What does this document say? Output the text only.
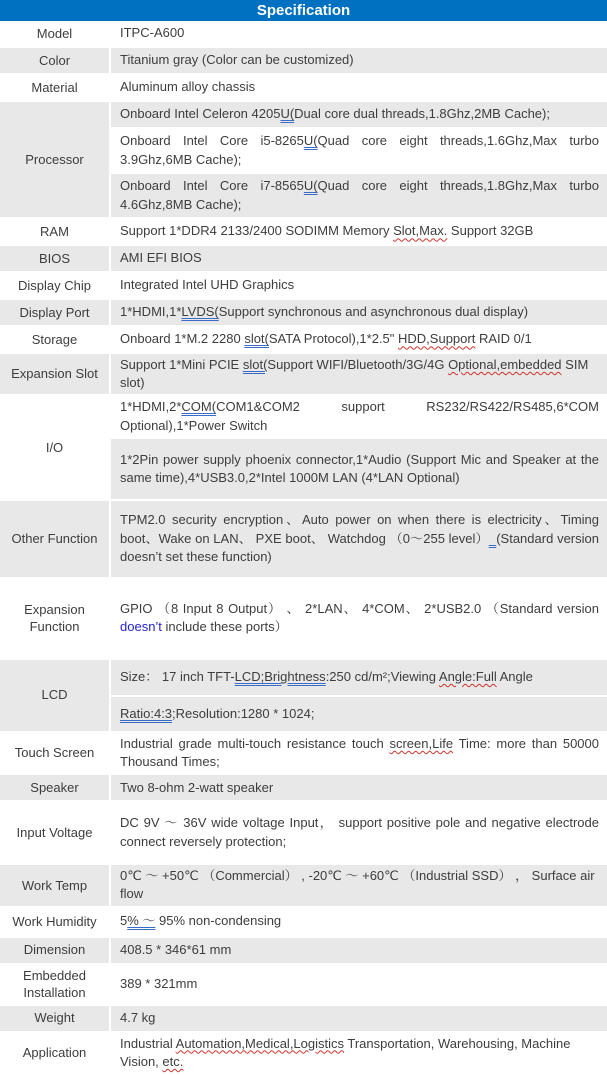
Specification
Model	ITPC-A600
Color	Titanium gray (Color can be customized)
Material	Aluminum alloy chassis
Processor	Onboard Intel Celeron 4205U(Dual core dual threads,1.8Ghz,2MB Cache);
	Onboard Intel Core i5-8265U(Quad core eight threads,1.6Ghz,Max turbo 3.9Ghz,6MB Cache);
	Onboard Intel Core i7-8565U(Quad core eight threads,1.8Ghz,Max turbo 4.6Ghz,8MB Cache);
RAM	Support 1*DDR4 2133/2400 SODIMM Memory Slot,Max. Support 32GB
BIOS	AMI EFI BIOS
Display Chip	Integrated Intel UHD Graphics
Display Port	1*HDMI,1*LVDS(Support synchronous and asynchronous dual display)
Storage	Onboard 1*M.2 2280 slot(SATA Protocol),1*2.5" HDD,Support RAID 0/1
Expansion Slot	Support 1*Mini PCIE slot(Support WIFI/Bluetooth/3G/4G Optional,embedded SIM slot)
I/O	1*HDMI,2*COM(COM1&COM2 support RS232/RS422/RS485,6*COM Optional),1*Power Switch
	1*2Pin power supply phoenix connector,1*Audio (Support Mic and Speaker at the same time),4*USB3.0,2*Intel 1000M LAN (4*LAN Optional)
Other Function	TPM2.0 security encryption、Auto power on when there is electricity、Timing boot、Wake on LAN、 PXE boot、 Watchdog （0～255 level） (Standard version doesn’t set these function)
Expansion Function	GPIO （8 Input 8 Output） 、 2*LAN、 4*COM、 2*USB2.0 （Standard version doesn’t include these ports）
LCD	Size： 17 inch TFT-LCD;Brightness:250 cd/m²;Viewing Angle:Full Angle
	Ratio:4:3;Resolution:1280 * 1024;
Touch Screen	Industrial grade multi-touch resistance touch screen,Life Time: more than 50000 Thousand Times;
Speaker	Two 8-ohm 2-watt speaker
Input Voltage	DC 9V ～ 36V wide voltage Input， support positive pole and negative electrode connect reversely protection;
Work Temp	0℃ ～ +50℃ （Commercial） , -20℃ ～ +60℃ （Industrial SSD） ， Surface air flow
Work Humidity	5% ～ 95% non-condensing
Dimension	408.5 * 346*61 mm
Embedded Installation	389 * 321mm
Weight	4.7 kg
Application	Industrial Automation,Medical,Logistics Transportation, Warehousing, Machine Vision, etc.
